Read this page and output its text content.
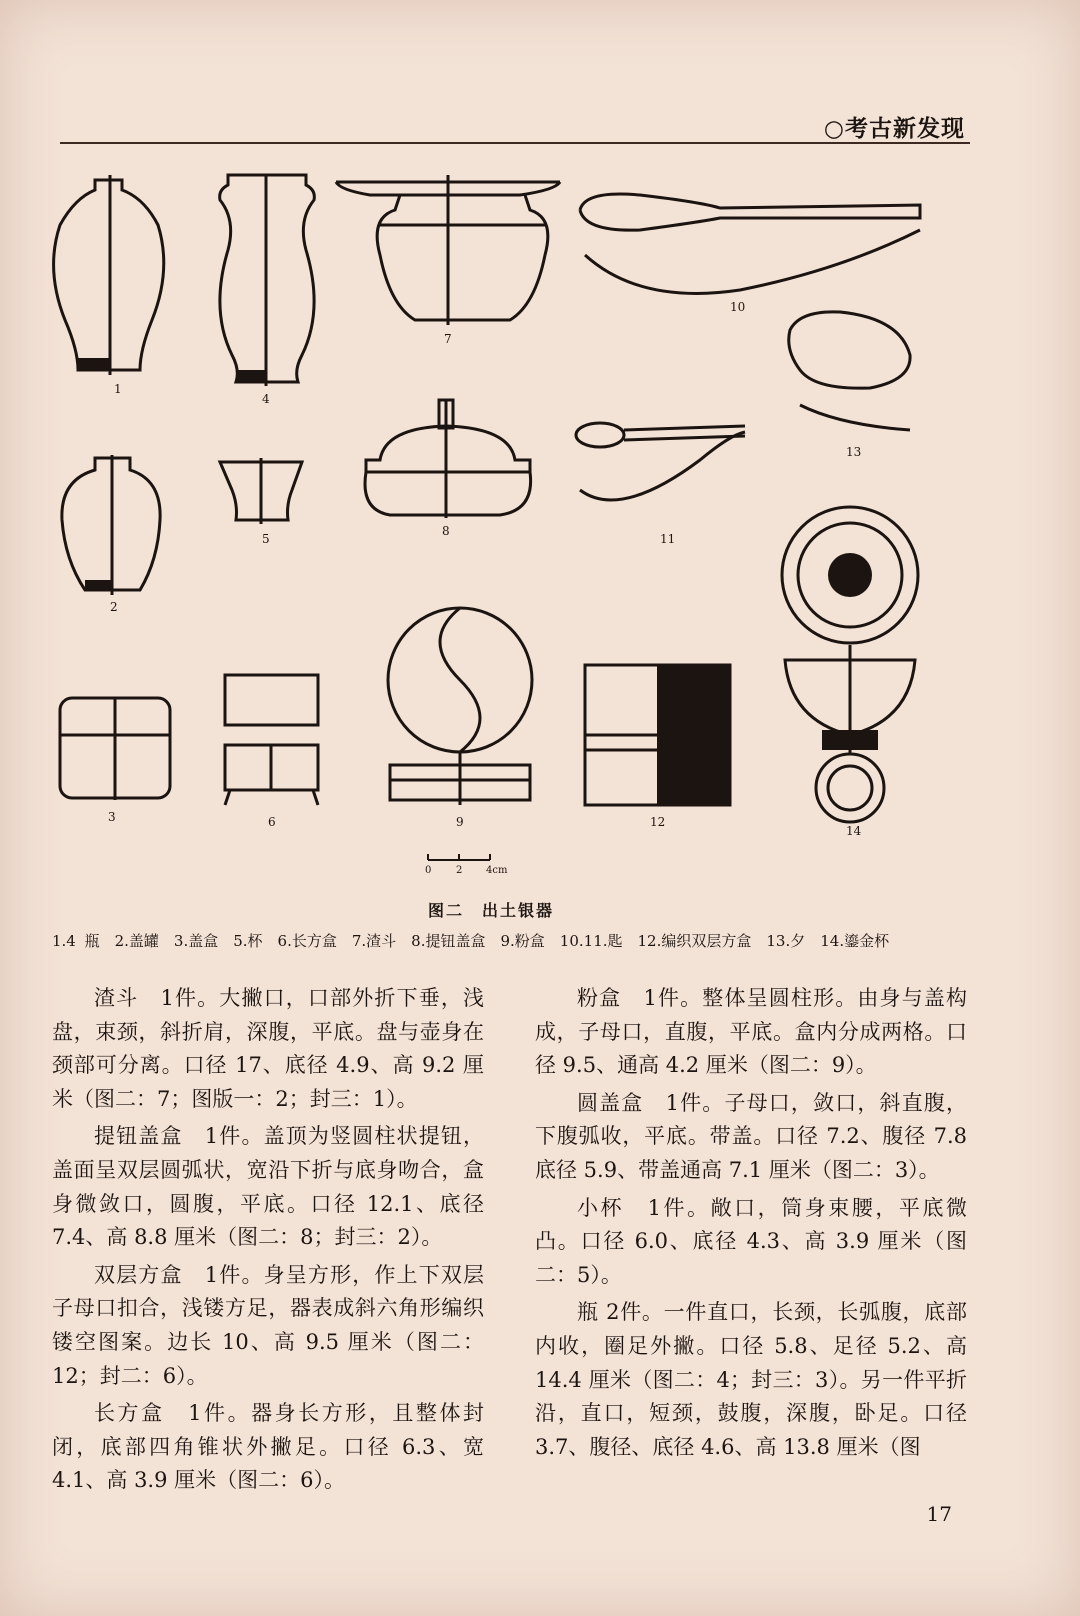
○考古新发现
1
2
3
4
5
6
7
8
9
10
11
12
13
14
0 2 4cm
图二　出土银器
1.4 瓶　2.盖罐　3.盖盒　5.杯　6.长方盒　7.渣斗　8.提钮盖盒　9.粉盒　10.11.匙　12.编织双层方盒　13.夕　14.鎏金杯

渣斗　1件。大撇口，口部外折下垂，浅盘，束颈，斜折肩，深腹，平底。盘与壶身在颈部可分离。口径 17、底径 4.9、高 9.2 厘米（图二：7；图版一：2；封三：1）。

提钮盖盒　1件。盖顶为竖圆柱状提钮，盖面呈双层圆弧状，宽沿下折与底身吻合，盒身微敛口，圆腹，平底。口径 12.1、底径 7.4、高 8.8 厘米（图二：8；封三：2）。

双层方盒　1件。身呈方形，作上下双层子母口扣合，浅镂方足，器表成斜六角形编织镂空图案。边长 10、高 9.5 厘米（图二：12；封二：6）。

长方盒　1件。器身长方形，且整体封闭，底部四角锥状外撇足。口径 6.3、宽 4.1、高 3.9 厘米（图二：6）。

粉盒　1件。整体呈圆柱形。由身与盖构成，子母口，直腹，平底。盒内分成两格。口径 9.5、通高 4.2 厘米（图二：9）。

圆盖盒　1件。子母口，敛口，斜直腹，下腹弧收，平底。带盖。口径 7.2、腹径 7.8　底径 5.9、带盖通高 7.1 厘米（图二：3）。

小杯　1件。敞口，筒身束腰，平底微凸。口径 6.0、底径 4.3、高 3.9 厘米（图二：5）。

瓶 2件。一件直口，长颈，长弧腹，底部内收，圈足外撇。口径 5.8、足径 5.2、高 14.4 厘米（图二：4；封三：3）。另一件平折沿，直口，短颈，鼓腹，深腹，卧足。口径 3.7、腹径、底径 4.6、高 13.8 厘米（图

17
